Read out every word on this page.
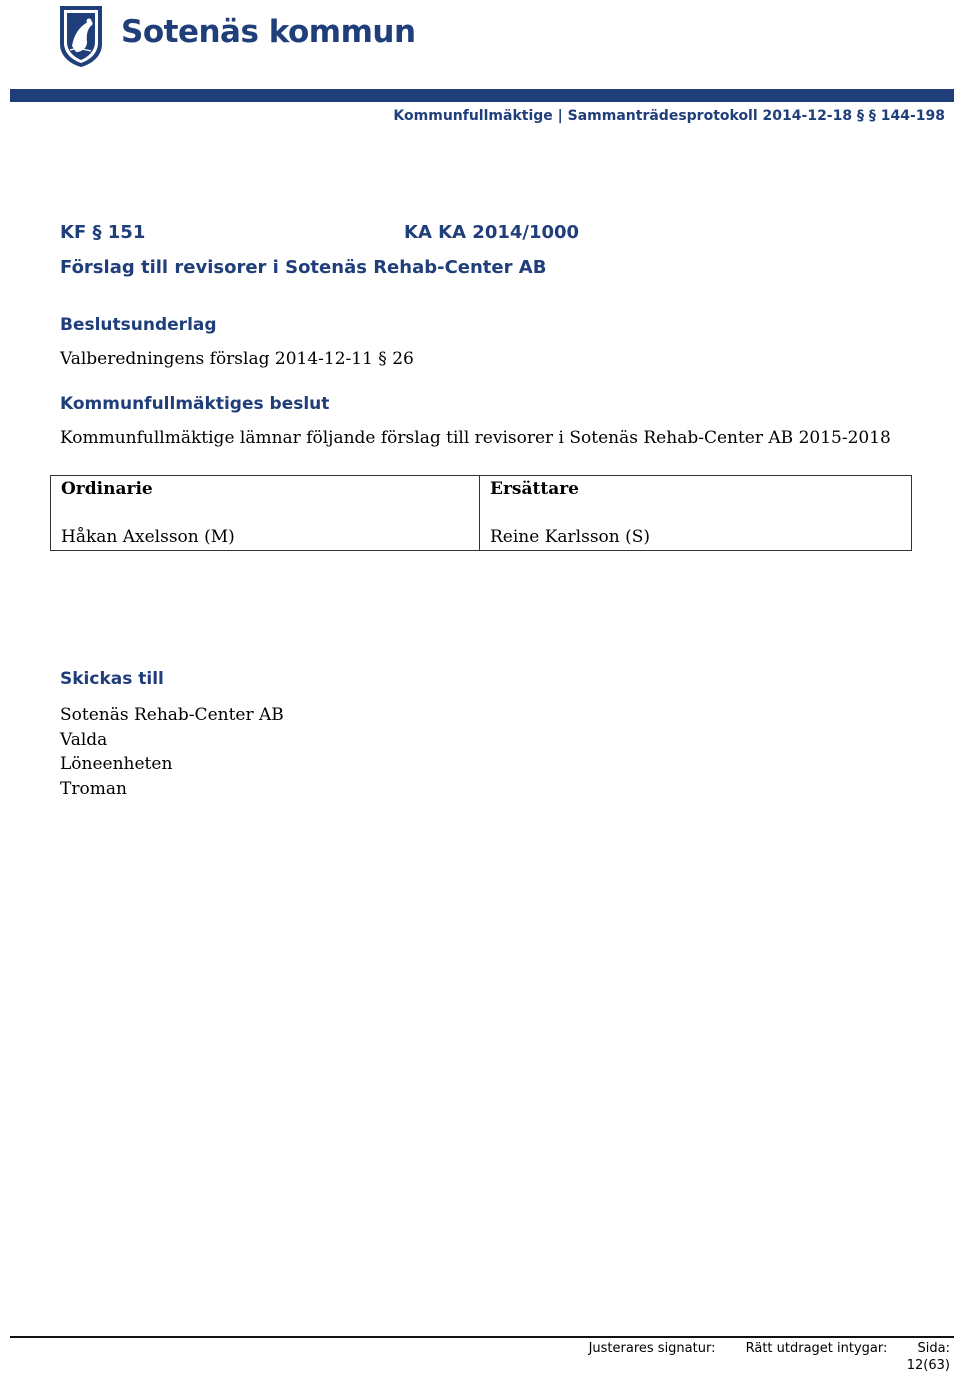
Sotenäs kommun
Kommunfullmäktige | Sammanträdesprotokoll 2014-12-18 § § 144-198
KF § 151	KA KA 2014/1000
Förslag till revisorer i Sotenäs Rehab-Center AB
Beslutsunderlag
Valberedningens förslag 2014-12-11 § 26
Kommunfullmäktiges beslut
Kommunfullmäktige lämnar följande förslag till revisorer i Sotenäs Rehab-Center AB 2015-2018
Ordinarie	Ersättare
Håkan Axelsson (M)	Reine Karlsson (S)
Skickas till
Sotenäs Rehab-Center AB
Valda
Löneenheten
Troman
Justerares signatur: Rätt utdraget intygar: Sida:
12(63)
